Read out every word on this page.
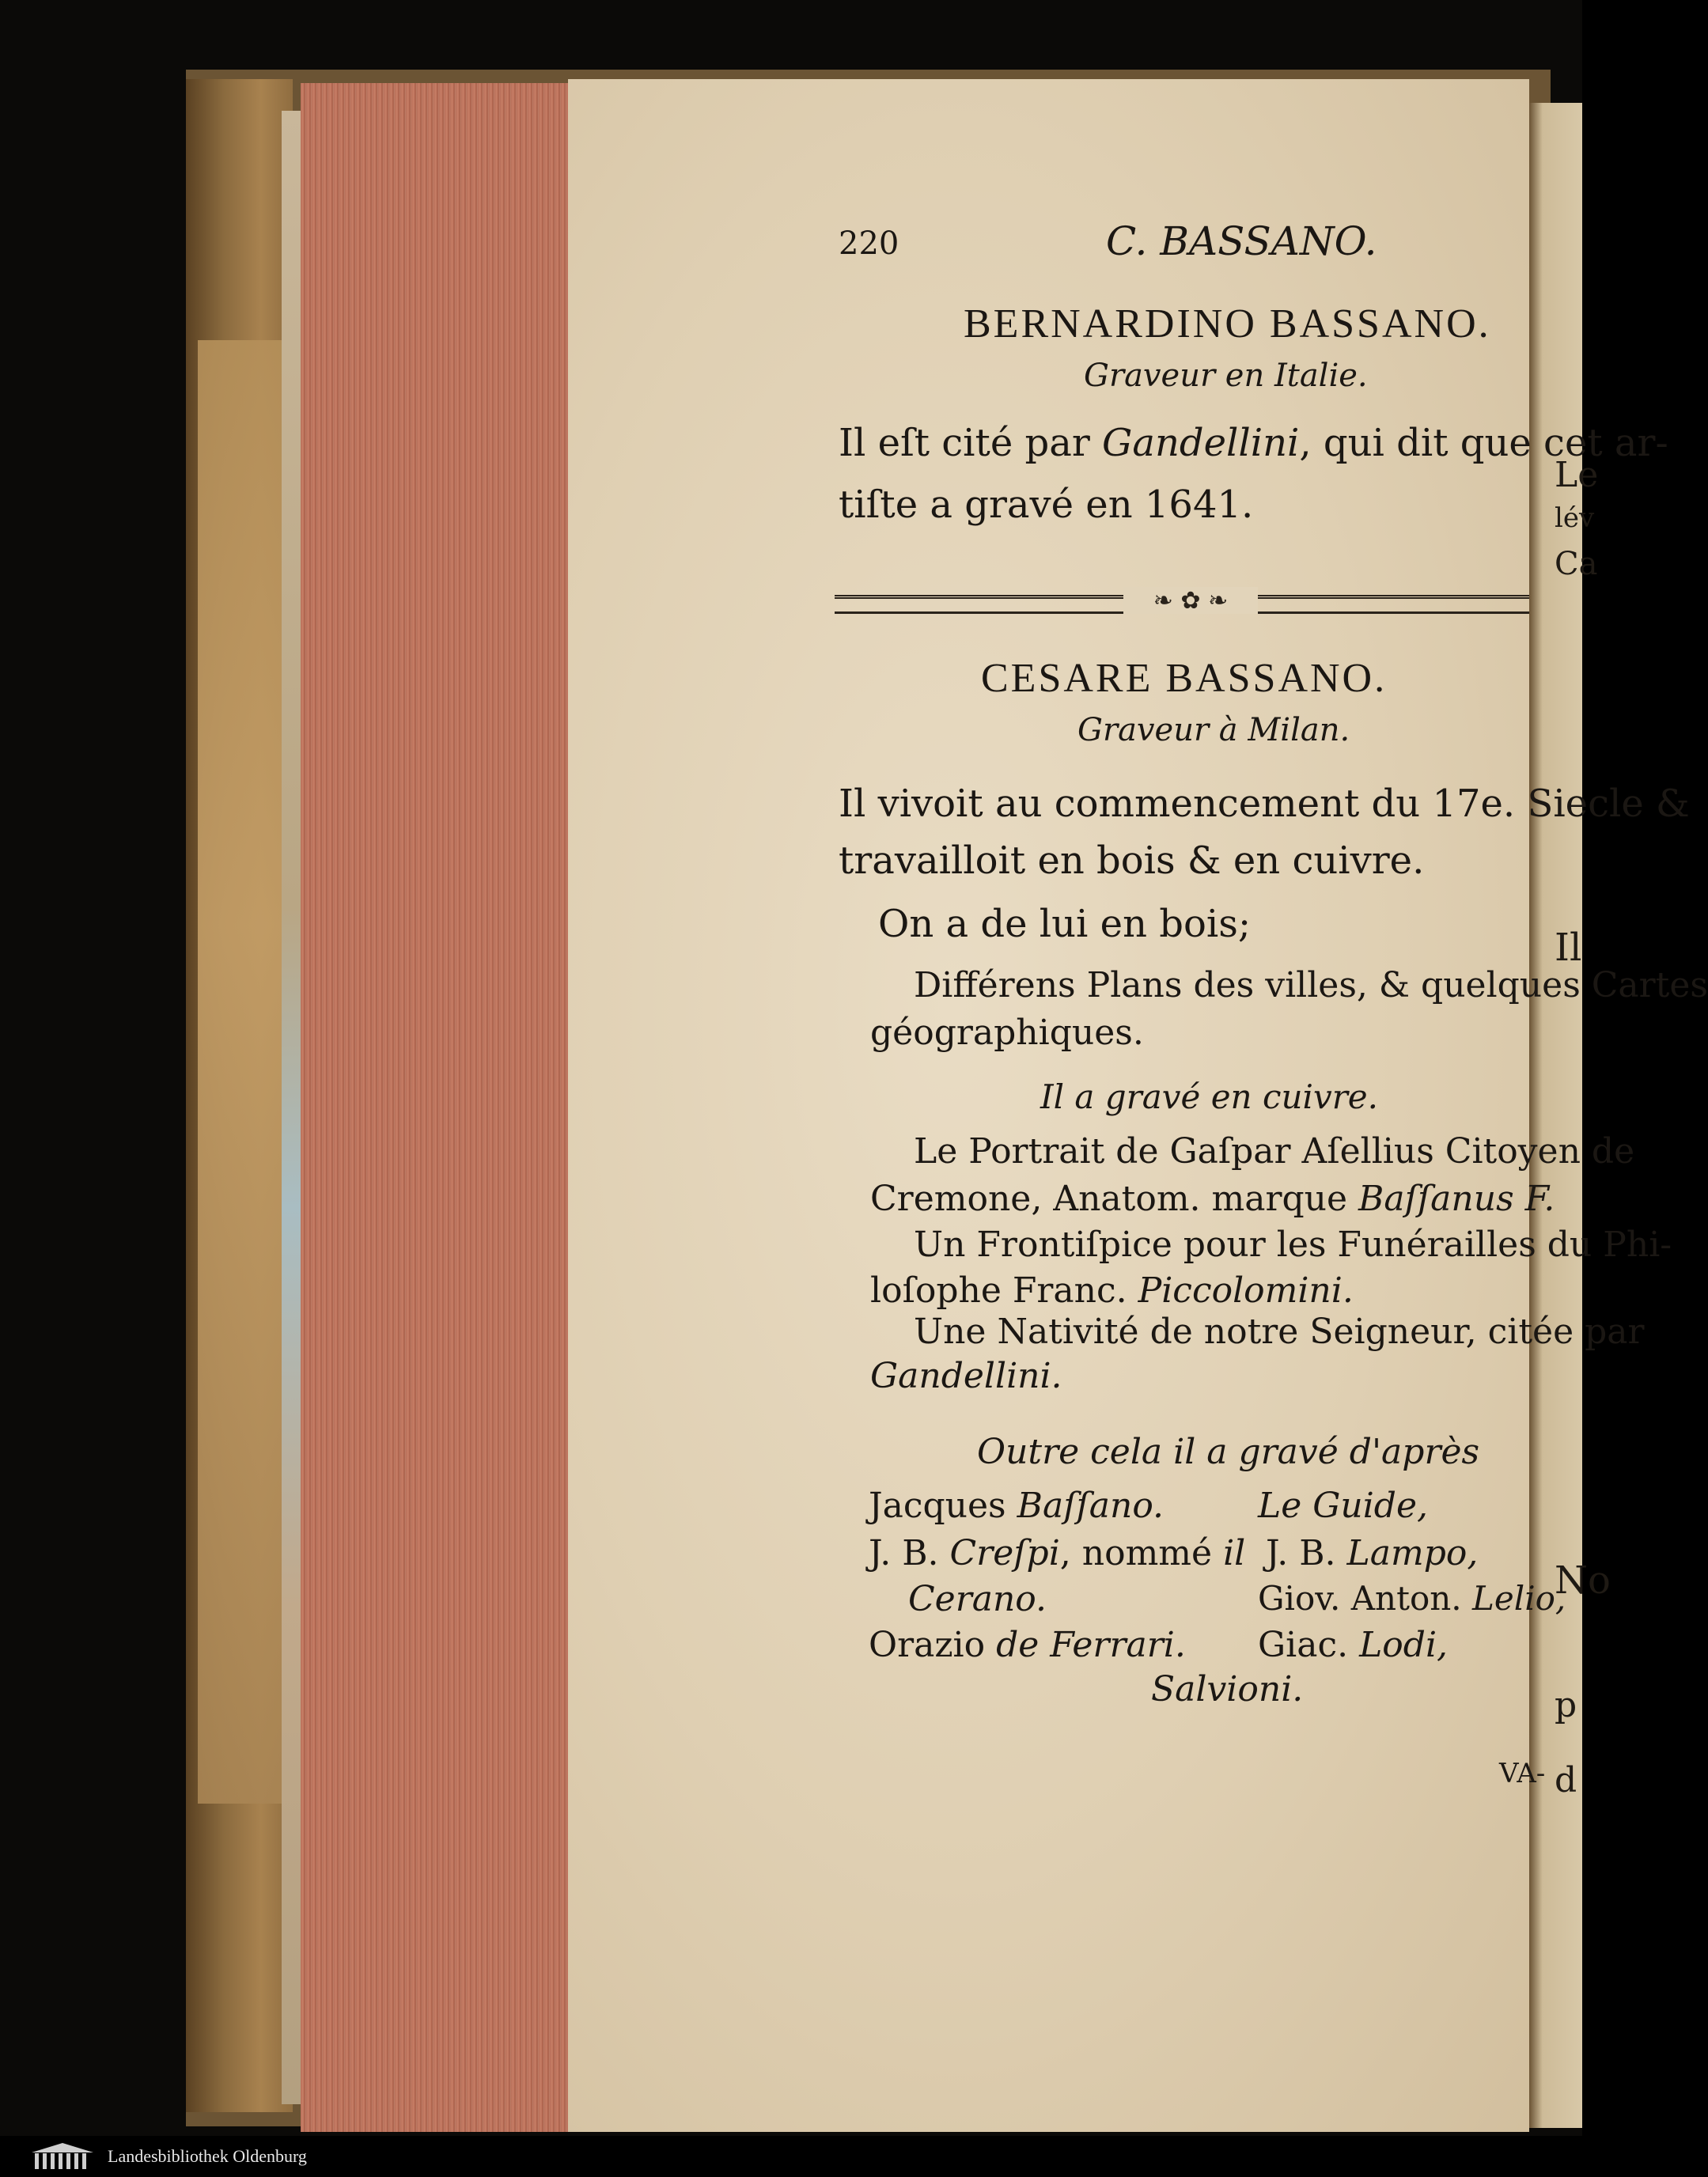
Le
lév
Ca
Il
No
p
d
220	C. BASSANO.
BERNARDINO BASSANO.
Graveur en Italie.
Il eſt cité par Gandellini, qui dit que cet ar-
tiſte a gravé en 1641.
❧ ✿ ❧
CESARE BASSANO.
Graveur à Milan.
Il vivoit au commencement du 17e. Siecle &
travailloit en bois & en cuivre.
On a de lui en bois;
Différens Plans des villes, & quelques Cartes
géographiques.
Il a gravé en cuivre.
Le Portrait de Gaſpar Aſellius Citoyen de
Cremone, Anatom. marque Baſſanus F.
Un Frontiſpice pour les Funérailles du Phi-
loſophe Franc. Piccolomini.
Une Nativité de notre Seigneur, citée par
Gandellini.
Outre cela il a gravé d'après
Jacques Baſſano.
J. B. Creſpi, nommé il
Cerano.
Orazio de Ferrari.
Le Guide,
J. B. Lampo,
Giov. Anton. Lelio,
Giac. Lodi,
Salvioni.
VA-
Landesbibliothek Oldenburg
